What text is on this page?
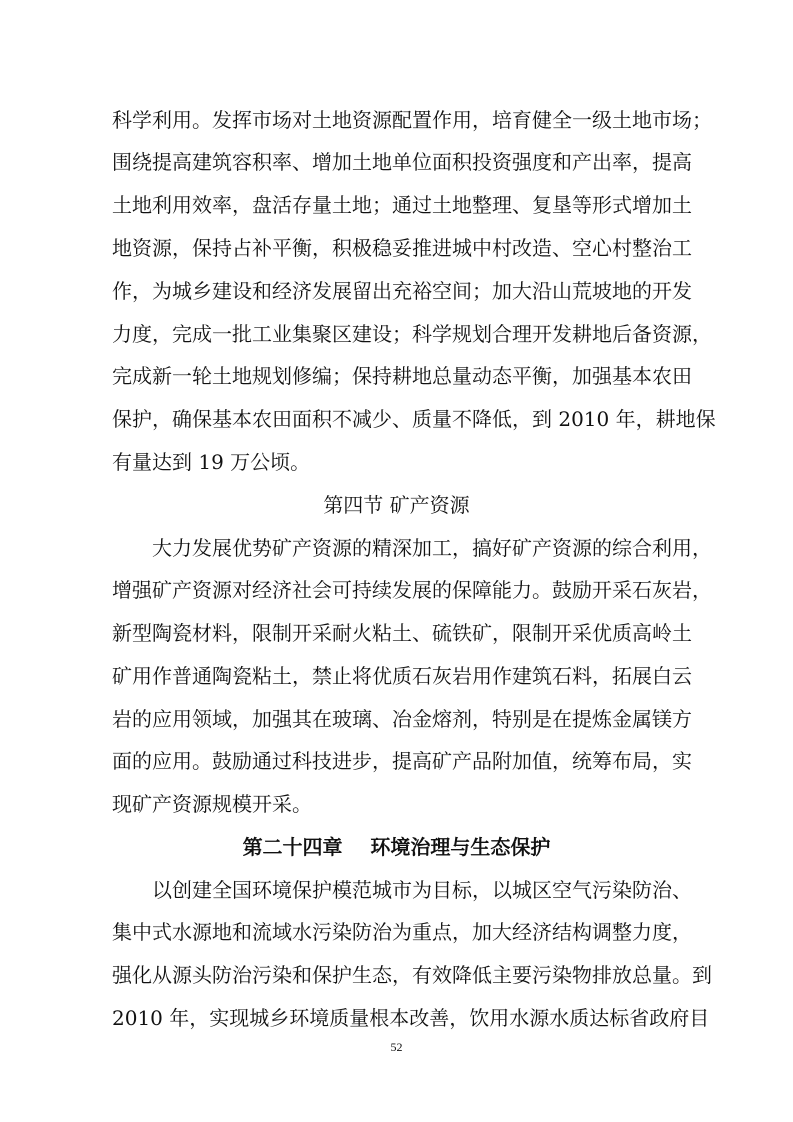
科学利用。发挥市场对土地资源配置作用，培育健全一级土地市场；
围绕提高建筑容积率、增加土地单位面积投资强度和产出率，提高
土地利用效率，盘活存量土地；通过土地整理、复垦等形式增加土
地资源，保持占补平衡，积极稳妥推进城中村改造、空心村整治工
作，为城乡建设和经济发展留出充裕空间；加大沿山荒坡地的开发
力度，完成一批工业集聚区建设；科学规划合理开发耕地后备资源，
完成新一轮土地规划修编；保持耕地总量动态平衡，加强基本农田
保护，确保基本农田面积不减少、质量不降低，到 2010 年，耕地保
有量达到 19 万公顷。
第四节 矿产资源
大力发展优势矿产资源的精深加工，搞好矿产资源的综合利用，
增强矿产资源对经济社会可持续发展的保障能力。鼓励开采石灰岩，
新型陶瓷材料，限制开采耐火粘土、硫铁矿，限制开采优质高岭土
矿用作普通陶瓷粘土，禁止将优质石灰岩用作建筑石料，拓展白云
岩的应用领域，加强其在玻璃、冶金熔剂，特别是在提炼金属镁方
面的应用。鼓励通过科技进步，提高矿产品附加值，统筹布局，实
现矿产资源规模开采。
第二十四章    环境治理与生态保护
以创建全国环境保护模范城市为目标，以城区空气污染防治、
集中式水源地和流域水污染防治为重点，加大经济结构调整力度，
强化从源头防治污染和保护生态，有效降低主要污染物排放总量。到
2010 年，实现城乡环境质量根本改善，饮用水源水质达标省政府目
52
